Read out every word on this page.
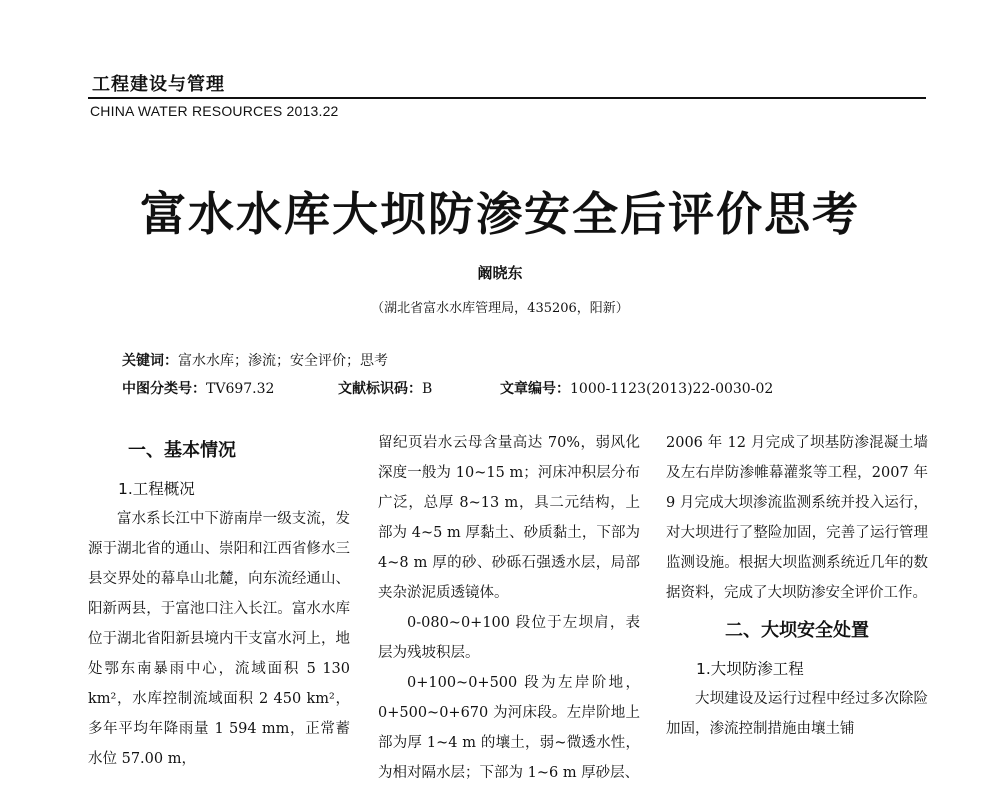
工程建设与管理
CHINA WATER RESOURCES 2013.22
富水水库大坝防渗安全后评价思考
阚晓东
（湖北省富水水库管理局，435206，阳新）
关键词：富水水库；渗流；安全评价；思考
中图分类号：TV697.32	文献标识码：B	文章编号：1000-1123(2013)22-0030-02
一、基本情况
1.工程概况

富水系长江中下游南岸一级支流，发源于湖北省的通山、崇阳和江西省修水三县交界处的幕阜山北麓，向东流经通山、阳新两县，于富池口注入长江。富水水库位于湖北省阳新县境内干支富水河上，地处鄂东南暴雨中心，流域面积 5 130 km²，水库控制流域面积 2 450 km²，多年平均年降雨量 1 594 mm，正常蓄水位 57.00 m，

留纪页岩水云母含量高达 70%，弱风化深度一般为 10~15 m；河床冲积层分布广泛，总厚 8~13 m，具二元结构，上部为 4~5 m 厚黏土、砂质黏土，下部为 4~8 m 厚的砂、砂砾石强透水层，局部夹杂淤泥质透镜体。

0-080~0+100 段位于左坝肩，表层为残坡积层。

0+100~0+500 段为左岸阶地，0+500~0+670 为河床段。左岸阶地上部为厚 1~4 m 的壤土，弱~微透水性，为相对隔水层；下部为 1~6 m 厚砂层、

2006 年 12 月完成了坝基防渗混凝土墙及左右岸防渗帷幕灌浆等工程，2007 年 9 月完成大坝渗流监测系统并投入运行，对大坝进行了整险加固，完善了运行管理监测设施。根据大坝监测系统近几年的数据资料，完成了大坝防渗安全评价工作。

二、大坝安全处置
1.大坝防渗工程

大坝建设及运行过程中经过多次除险加固，渗流控制措施由壤土铺
